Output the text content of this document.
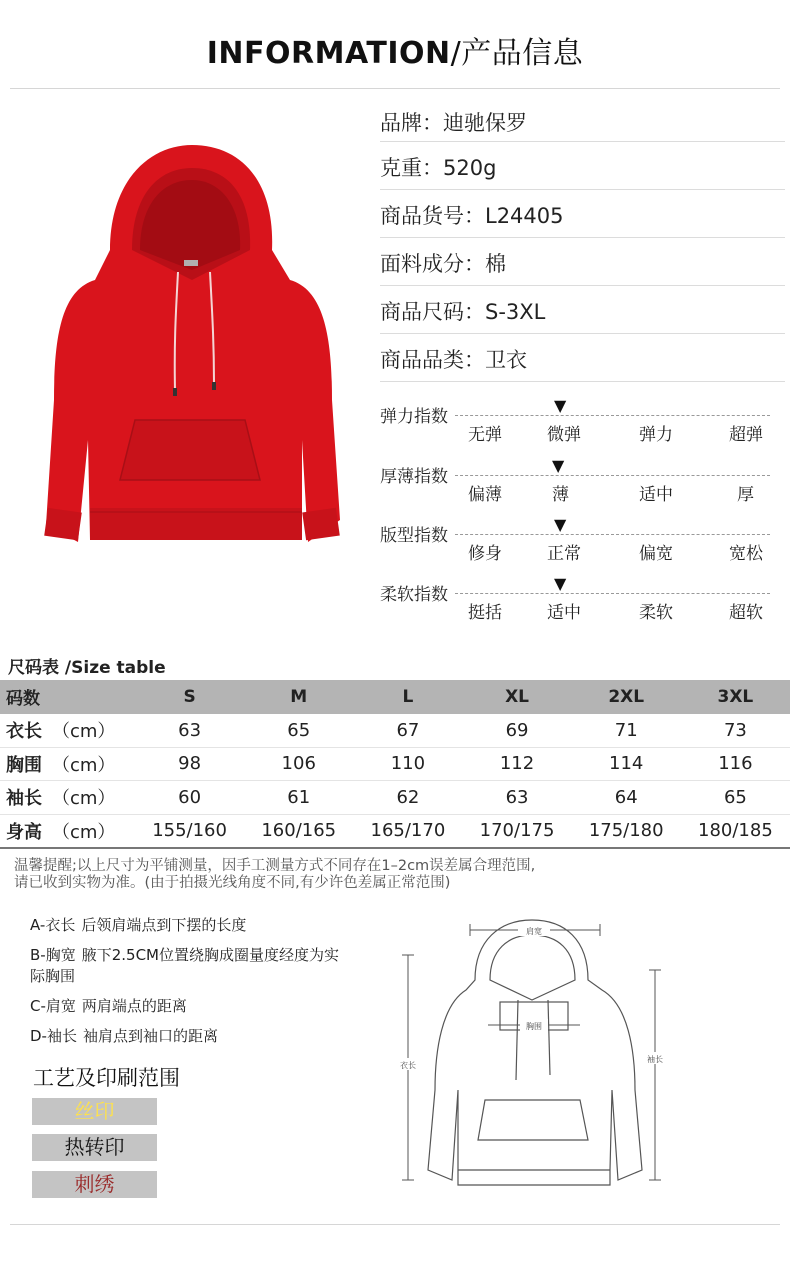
INFORMATION/产品信息
品牌：迪驰保罗
克重：520g
商品货号：L24405
面料成分：棉
商品尺码：S-3XL
商品品类：卫衣
弹力指数
▼
无弹	微弹	弹力	超弹
厚薄指数
▼
偏薄	薄	适中	厚
版型指数
▼
修身	正常	偏宽	宽松
柔软指数
▼
挺括	适中	柔软	超软
尺码表 /Size table
码数	S	M	L	XL	2XL	3XL
衣长 （cm）	63	65	67	69	71	73
胸围 （cm）	98	106	110	112	114	116
袖长 （cm）	60	61	62	63	64	65
身高 （cm）	155/160	160/165	165/170	170/175	175/180	180/185
温馨提醒;以上尺寸为平铺测量，因手工测量方式不同存在1–2cm误差属合理范围,
请已收到实物为准。(由于拍摄光线角度不同,有少许色差属正常范围)
A-衣长 后领肩端点到下摆的长度
B-胸宽 腋下2.5CM位置绕胸成圈量度经度为实际胸围
C-肩宽 两肩端点的距离
D-袖长 袖肩点到袖口的距离
工艺及印刷范围
丝印
热转印
刺绣
肩宽
胸围
衣长
袖长
